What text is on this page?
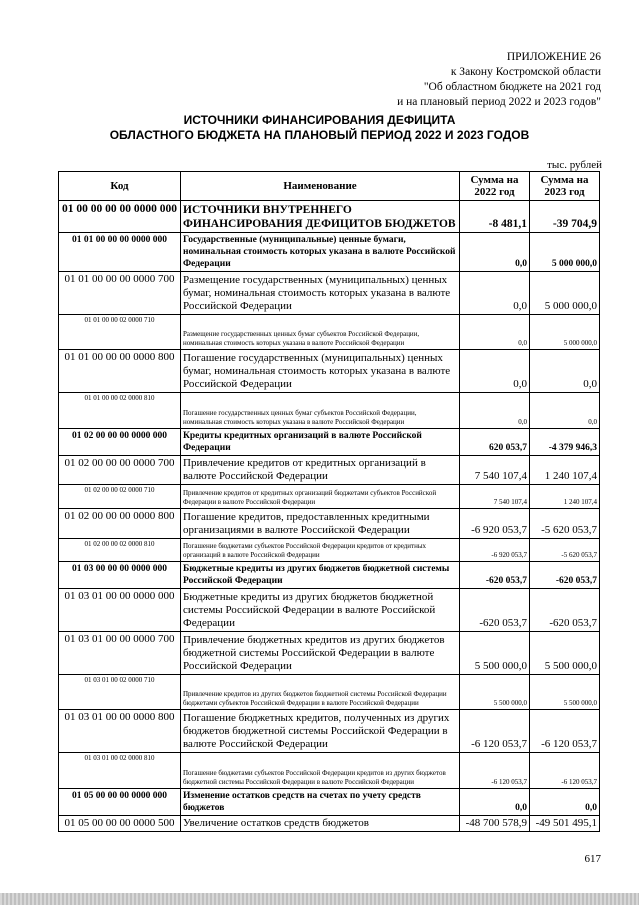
ПРИЛОЖЕНИЕ 26
к Закону Костромской области
"Об областном бюджете на 2021 год
и на плановый период 2022 и 2023 годов"
ИСТОЧНИКИ ФИНАНСИРОВАНИЯ ДЕФИЦИТА
ОБЛАСТНОГО БЮДЖЕТА НА ПЛАНОВЫЙ ПЕРИОД 2022 И 2023 ГОДОВ
тыс. рублей
Код	Наименование	Сумма на 2022 год	Сумма на 2023 год
01 00 00 00 00 0000 000	ИСТОЧНИКИ ВНУТРЕННЕГО ФИНАНСИРОВАНИЯ ДЕФИЦИТОВ БЮДЖЕТОВ	-8 481,1	-39 704,9
01 01 00 00 00 0000 000	Государственные (муниципальные) ценные бумаги, номинальная стоимость которых указана в валюте Российской Федерации	0,0	5 000 000,0
01 01 00 00 00 0000 700	Размещение государственных (муниципальных) ценных бумаг, номинальная стоимость которых указана в валюте Российской Федерации	0,0	5 000 000,0
01 01 00 00 02 0000 710	Размещение государственных ценных бумаг субъектов Российской Федерации, номинальная стоимость которых указана в валюте Российской Федерации	0,0	5 000 000,0
01 01 00 00 00 0000 800	Погашение государственных (муниципальных) ценных бумаг, номинальная стоимость которых указана в валюте Российской Федерации	0,0	0,0
01 01 00 00 02 0000 810	Погашение государственных ценных бумаг субъектов Российской Федерации, номинальная стоимость которых указана в валюте Российской Федерации	0,0	0,0
01 02 00 00 00 0000 000	Кредиты кредитных организаций в валюте Российской Федерации	620 053,7	-4 379 946,3
01 02 00 00 00 0000 700	Привлечение кредитов от кредитных организаций в валюте Российской Федерации	7 540 107,4	1 240 107,4
01 02 00 00 02 0000 710	Привлечение кредитов от кредитных организаций бюджетами субъектов Российской Федерации в валюте Российской Федерации	7 540 107,4	1 240 107,4
01 02 00 00 00 0000 800	Погашение кредитов, предоставленных кредитными организациями в валюте Российской Федерации	-6 920 053,7	-5 620 053,7
01 02 00 00 02 0000 810	Погашение бюджетами субъектов Российской Федерации кредитов от кредитных организаций в валюте Российской Федерации	-6 920 053,7	-5 620 053,7
01 03 00 00 00 0000 000	Бюджетные кредиты из других бюджетов бюджетной системы Российской Федерации	-620 053,7	-620 053,7
01 03 01 00 00 0000 000	Бюджетные кредиты из других бюджетов бюджетной системы Российской Федерации в валюте Российской Федерации	-620 053,7	-620 053,7
01 03 01 00 00 0000 700	Привлечение бюджетных кредитов из других бюджетов бюджетной системы Российской Федерации в валюте Российской Федерации	5 500 000,0	5 500 000,0
01 03 01 00 02 0000 710	Привлечение кредитов из других бюджетов бюджетной системы Российской Федерации бюджетами субъектов Российской Федерации в валюте Российской Федерации	5 500 000,0	5 500 000,0
01 03 01 00 00 0000 800	Погашение бюджетных кредитов, полученных из других бюджетов бюджетной системы Российской Федерации в валюте Российской Федерации	-6 120 053,7	-6 120 053,7
01 03 01 00 02 0000 810	Погашение бюджетами субъектов Российской Федерации кредитов из других бюджетов бюджетной системы Российской Федерации в валюте Российской Федерации	-6 120 053,7	-6 120 053,7
01 05 00 00 00 0000 000	Изменение остатков средств на счетах по учету средств бюджетов	0,0	0,0
01 05 00 00 00 0000 500	Увеличение остатков средств бюджетов	-48 700 578,9	-49 501 495,1
617
